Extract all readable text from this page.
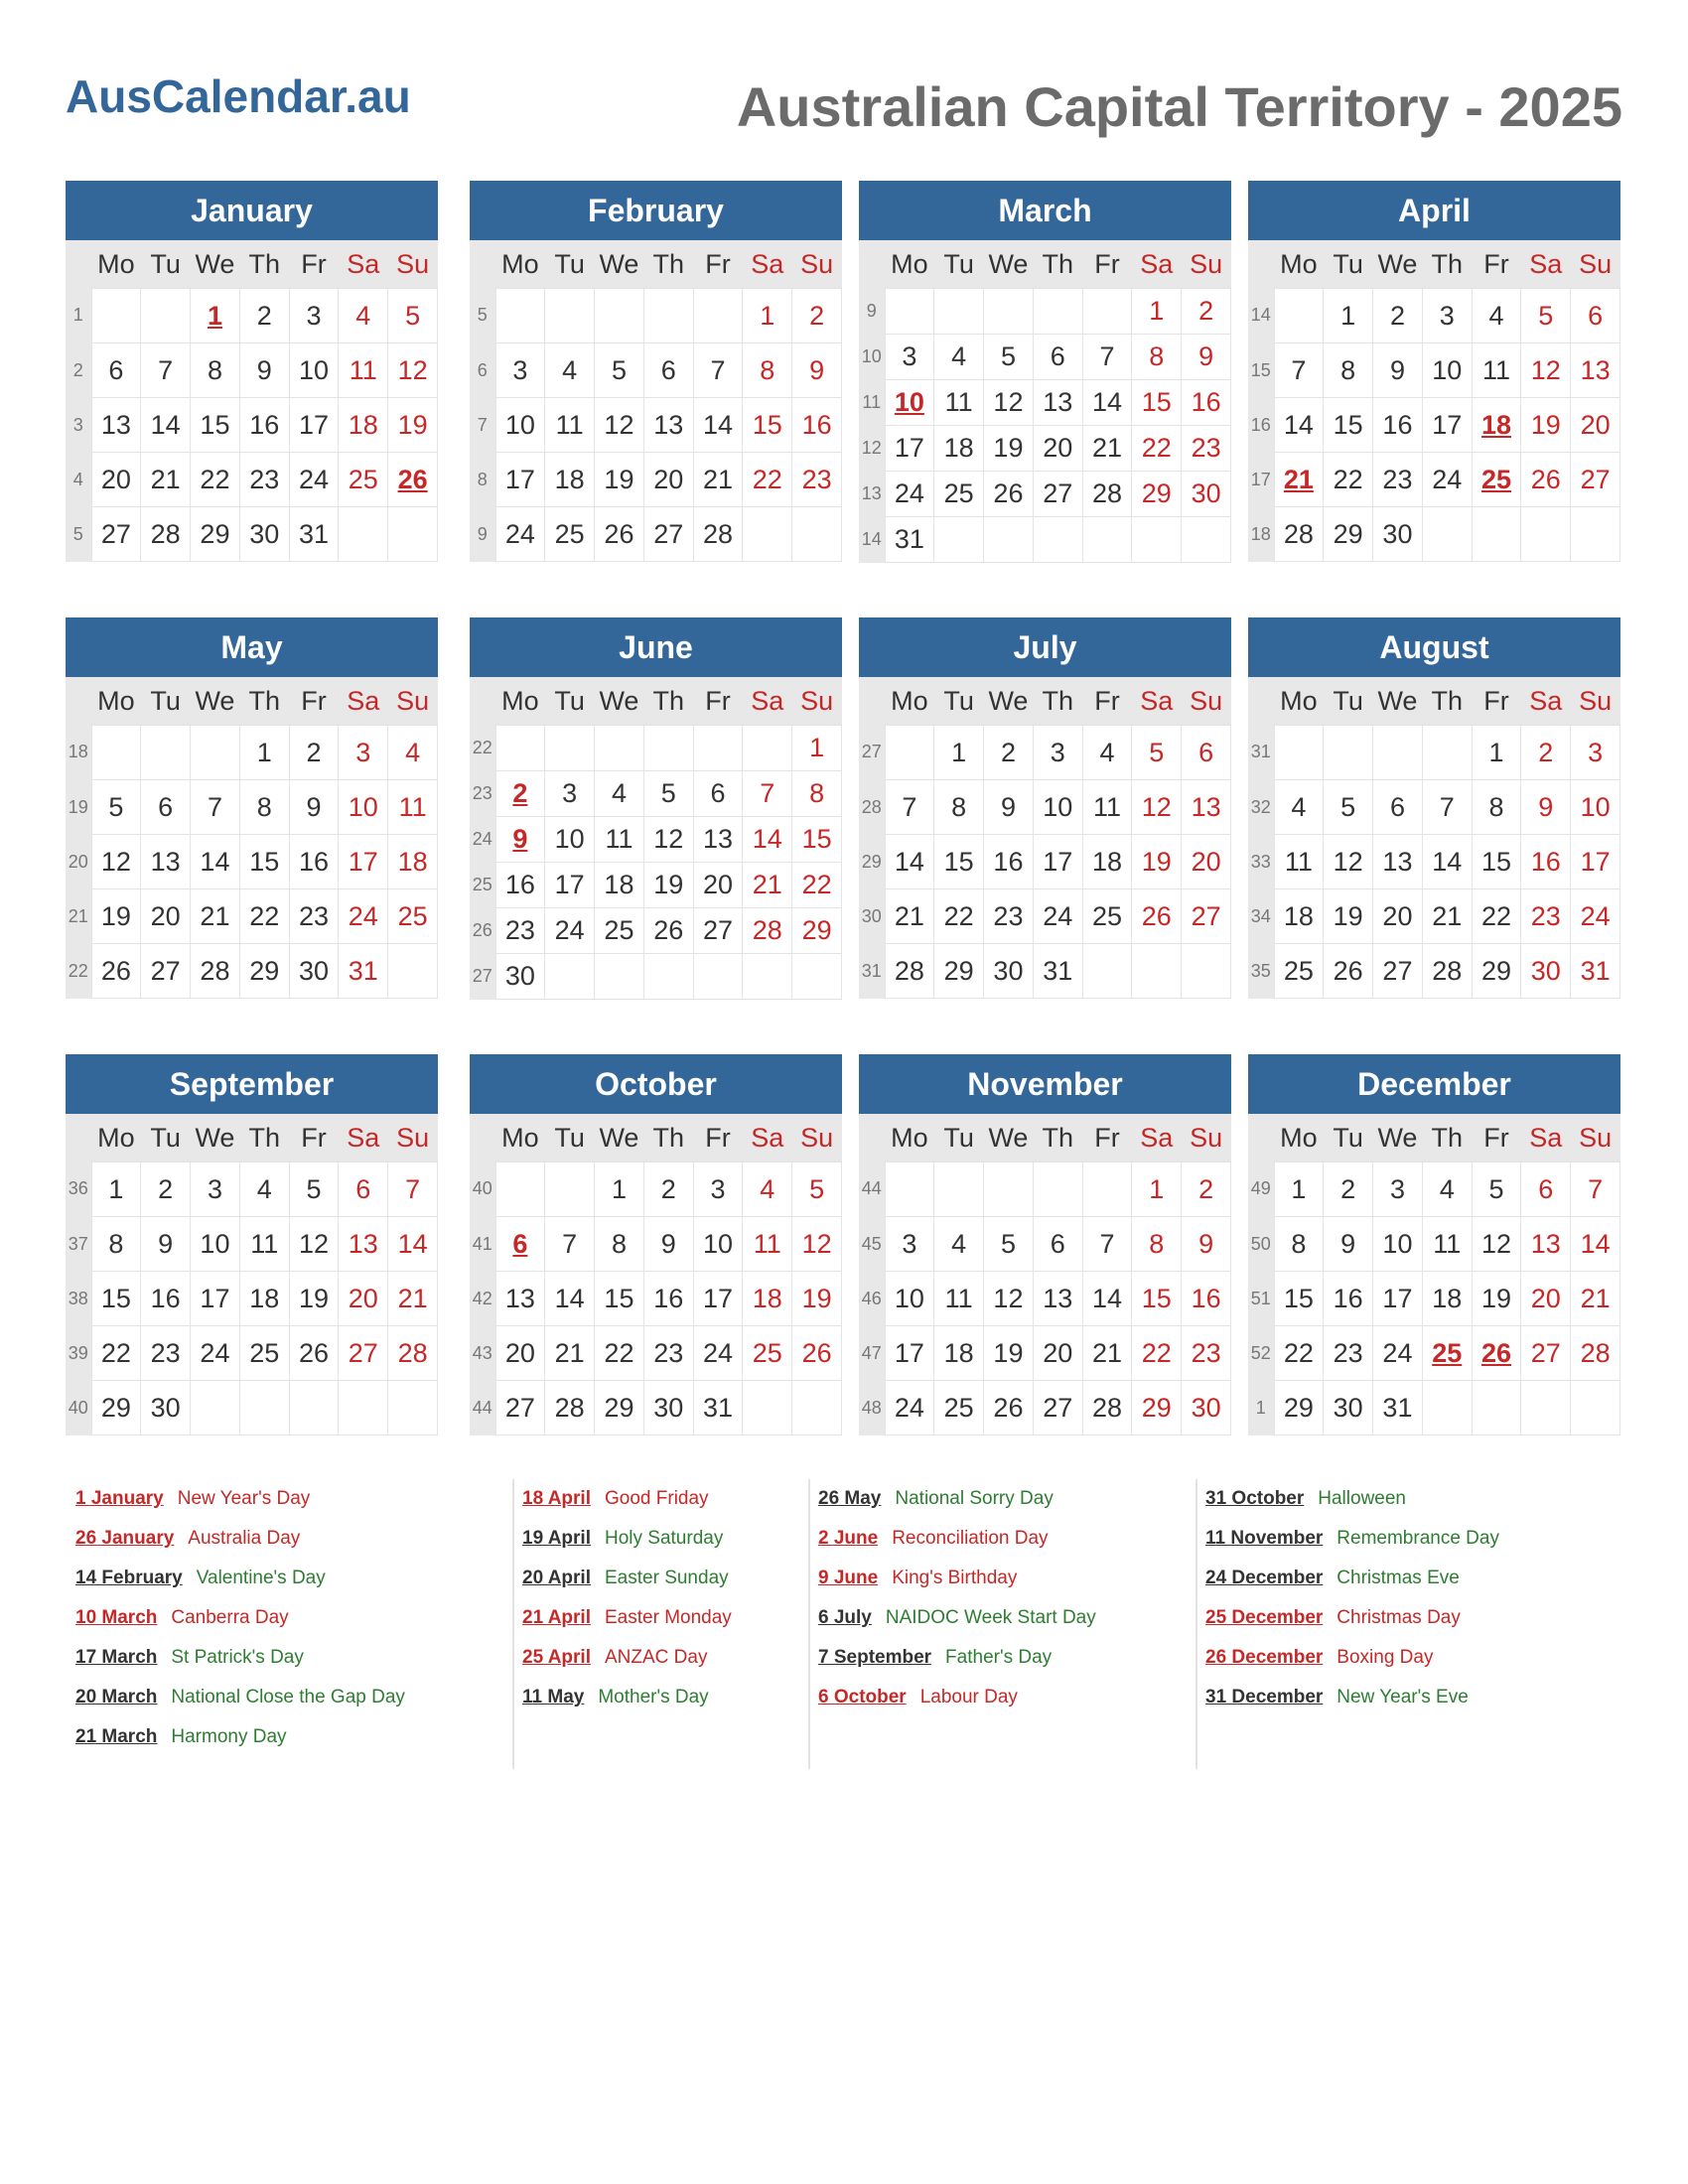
AusCalendar.au	Australian Capital Territory - 2025
January
	Mo	Tu	We	Th	Fr	Sa	Su
1			1	2	3	4	5
2	6	7	8	9	10	11	12
3	13	14	15	16	17	18	19
4	20	21	22	23	24	25	26
5	27	28	29	30	31		
February
	Mo	Tu	We	Th	Fr	Sa	Su
5						1	2
6	3	4	5	6	7	8	9
7	10	11	12	13	14	15	16
8	17	18	19	20	21	22	23
9	24	25	26	27	28		
March
	Mo	Tu	We	Th	Fr	Sa	Su
9						1	2
10	3	4	5	6	7	8	9
11	10	11	12	13	14	15	16
12	17	18	19	20	21	22	23
13	24	25	26	27	28	29	30
14	31						
April
	Mo	Tu	We	Th	Fr	Sa	Su
14		1	2	3	4	5	6
15	7	8	9	10	11	12	13
16	14	15	16	17	18	19	20
17	21	22	23	24	25	26	27
18	28	29	30				
May
	Mo	Tu	We	Th	Fr	Sa	Su
18				1	2	3	4
19	5	6	7	8	9	10	11
20	12	13	14	15	16	17	18
21	19	20	21	22	23	24	25
22	26	27	28	29	30	31	
June
	Mo	Tu	We	Th	Fr	Sa	Su
22							1
23	2	3	4	5	6	7	8
24	9	10	11	12	13	14	15
25	16	17	18	19	20	21	22
26	23	24	25	26	27	28	29
27	30						
July
	Mo	Tu	We	Th	Fr	Sa	Su
27		1	2	3	4	5	6
28	7	8	9	10	11	12	13
29	14	15	16	17	18	19	20
30	21	22	23	24	25	26	27
31	28	29	30	31			
August
	Mo	Tu	We	Th	Fr	Sa	Su
31					1	2	3
32	4	5	6	7	8	9	10
33	11	12	13	14	15	16	17
34	18	19	20	21	22	23	24
35	25	26	27	28	29	30	31
September
	Mo	Tu	We	Th	Fr	Sa	Su
36	1	2	3	4	5	6	7
37	8	9	10	11	12	13	14
38	15	16	17	18	19	20	21
39	22	23	24	25	26	27	28
40	29	30					
October
	Mo	Tu	We	Th	Fr	Sa	Su
40			1	2	3	4	5
41	6	7	8	9	10	11	12
42	13	14	15	16	17	18	19
43	20	21	22	23	24	25	26
44	27	28	29	30	31		
November
	Mo	Tu	We	Th	Fr	Sa	Su
44						1	2
45	3	4	5	6	7	8	9
46	10	11	12	13	14	15	16
47	17	18	19	20	21	22	23
48	24	25	26	27	28	29	30
December
	Mo	Tu	We	Th	Fr	Sa	Su
49	1	2	3	4	5	6	7
50	8	9	10	11	12	13	14
51	15	16	17	18	19	20	21
52	22	23	24	25	26	27	28
1	29	30	31				
1 January New Year's Day
26 January Australia Day
14 February Valentine's Day
10 March Canberra Day
17 March St Patrick's Day
20 March National Close the Gap Day
21 March Harmony Day
18 April Good Friday
19 April Holy Saturday
20 April Easter Sunday
21 April Easter Monday
25 April ANZAC Day
11 May Mother's Day
26 May National Sorry Day
2 June Reconciliation Day
9 June King's Birthday
6 July NAIDOC Week Start Day
7 September Father's Day
6 October Labour Day
31 October Halloween
11 November Remembrance Day
24 December Christmas Eve
25 December Christmas Day
26 December Boxing Day
31 December New Year's Eve
